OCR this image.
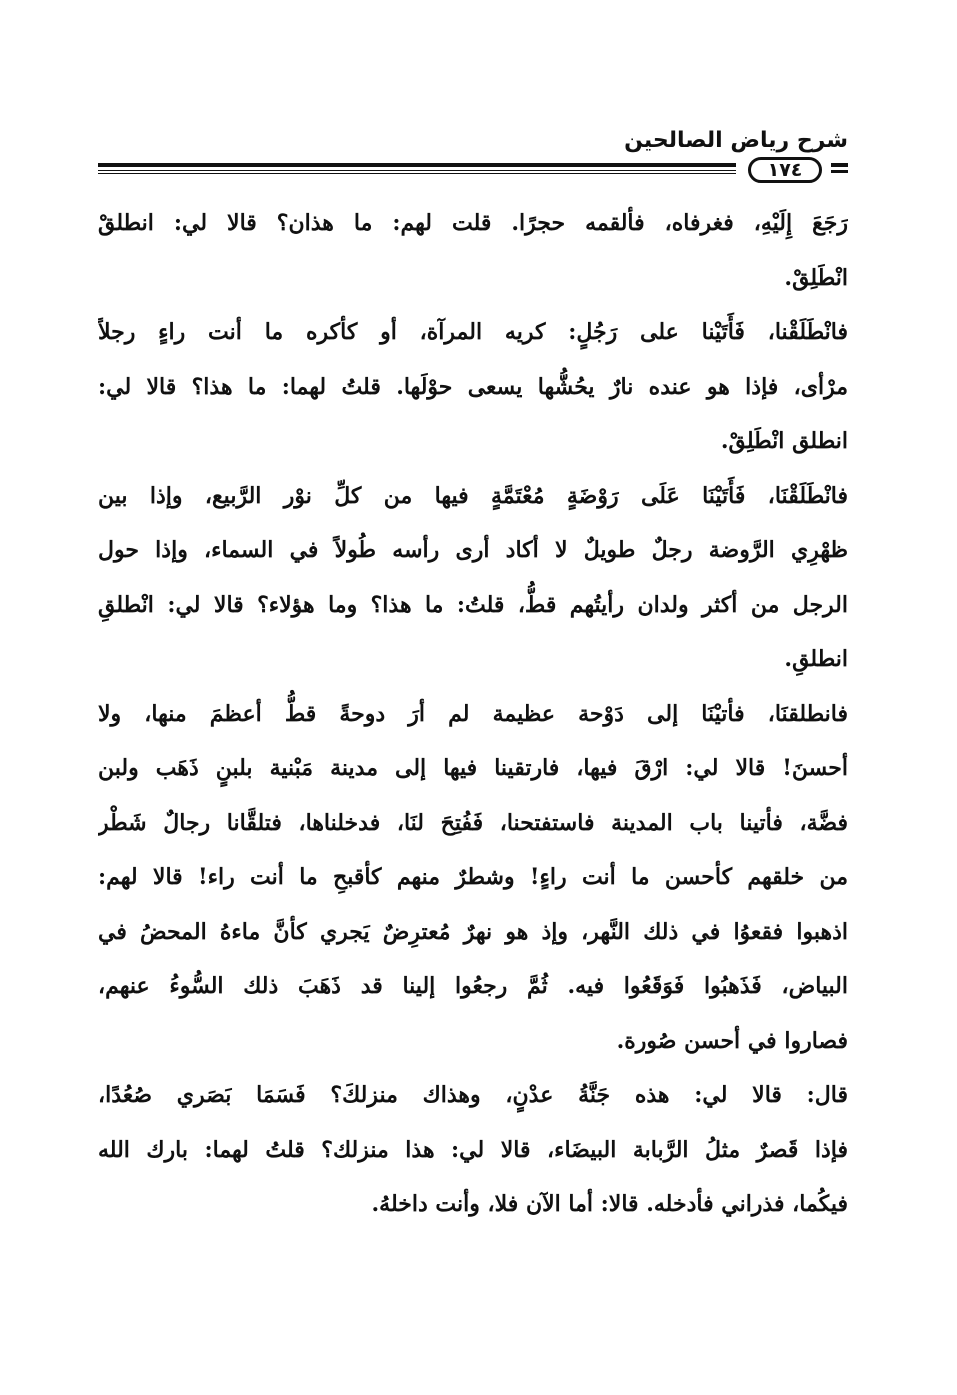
شرح رياض الصالحين
١٧٤
رَجَعَ إِلَيْهِ، فغرفاه، فألقمه حجرًا. قلت لهم: ما هذان؟ قالا لي: انطلقْ
انْطَلِقْ.
فانْطَلَقْنا، فَأَتَيْنا على رَجُلٍ: كريه المرآة، أو كأكره ما أنت راءٍ رجلاً
مرْأى، فإذا هو عنده نارٌ يحُشُّها يسعى حوْلَها. قلتُ لهما: ما هذا؟ قالا لي:
انطلق انْطَلِقْ.
فانْطَلَقْنَا، فَأَتَيْنَا عَلَى رَوْضَةٍ مُعْتَمَّةٍ فيها من كلِّ نوْر الرَّبيع، وإذا بين
ظهْرِي الرَّوضة رجلٌ طويلٌ لا أكاد أرى رأسه طُولاً في السماء، وإذا حول
الرجل من أكثر ولدان رأيتُهم قطُّ، قلتُ: ما هذا؟ وما هؤلاء؟ قالا لي: انْطلقِ
انطلقِ.
فانطلقنَا، فأتيْنَا إلى دَوْحة عظيمة لم أرَ دوحةً قطُّ أعظمَ منها، ولا
أحسنَ! قالا لي: ارْقَ فيها، فارتقينا فيها إلى مدينة مَبْنية بلبنٍ ذَهَب ولبن
فضَّة، فأتينا باب المدينة فاستفتحنا، فَفُتِحَ لنَا، فدخلناها، فتلقَّانا رجالٌ شَطْر
من خلقهم كأحسن ما أنت راءٍ! وشطرٌ منهم كأقبحِ ما أنت راء! قالا لهم:
اذهبوا فقعوُا في ذلك النَّهر، وإذ هو نهرٌ مُعترِضٌ يَجري كأنَّ ماءهُ المحضُ في
البياض، فَذَهبُوا فَوَقَعُوا فيه. ثُمَّ رجعُوا إلينا قد ذَهَبَ ذلك السُّوءُ عنهم،
فصاروا في أحسن صُورة.
قال: قالا لي: هذه جَنَّةُ عدْنٍ، وهذاك منزلكَ؟ فَسَمَا بَصَري صُعُدًا،
فإذا قَصرٌ مثلُ الرَّبابة البيضَاء، قالا لي: هذا منزلك؟ قلتُ لهما: بارك الله
فيكُما، فذراني فأدخله. قالا: أما الآن فلا، وأنت داخلهُ.
